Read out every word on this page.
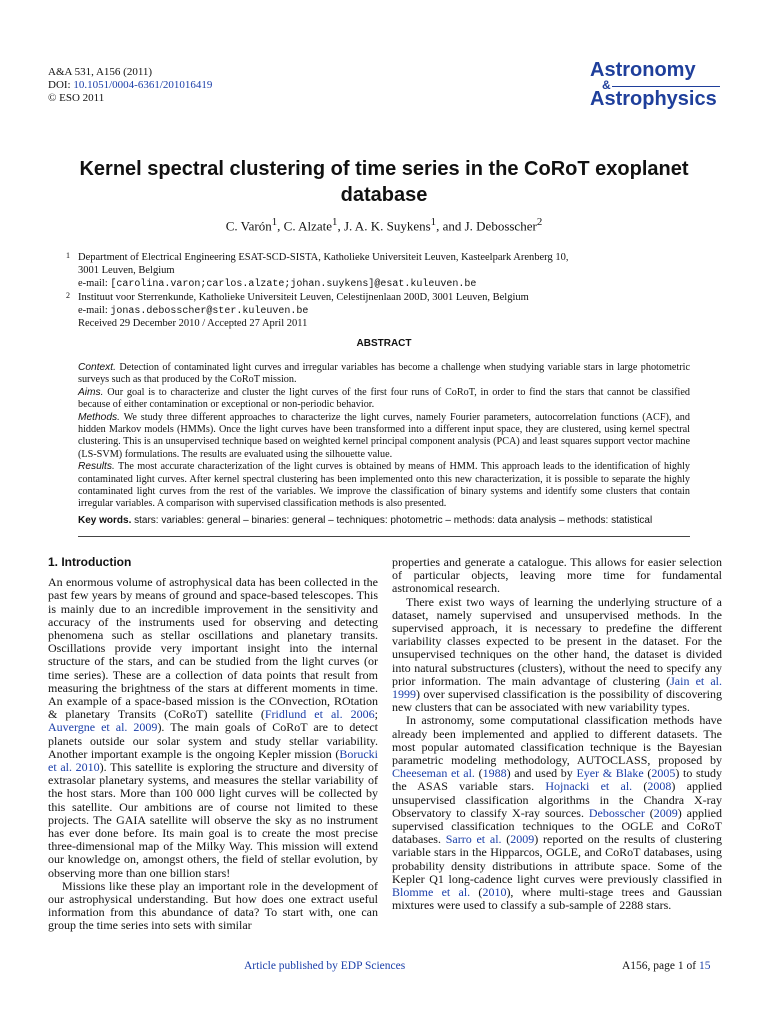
A&A 531, A156 (2011)
DOI: 10.1051/0004-6361/201016419
© ESO 2011
Astronomy
&
Astrophysics
Kernel spectral clustering of time series in the CoRoT exoplanet database
C. Varón$^1$, C. Alzate$^1$, J. A. K. Suykens$^1$, and J. Debosscher$^2$
1 Department of Electrical Engineering ESAT-SCD-SISTA, Katholieke Universiteit Leuven, Kasteelpark Arenberg 10,
3001 Leuven, Belgium
e-mail: [carolina.varon;carlos.alzate;johan.suykens]@esat.kuleuven.be
2 Instituut voor Sterrenkunde, Katholieke Universiteit Leuven, Celestijnenlaan 200D, 3001 Leuven, Belgium
e-mail: jonas.debosscher@ster.kuleuven.be
Received 29 December 2010 / Accepted 27 April 2011
ABSTRACT
Context. Detection of contaminated light curves and irregular variables has become a challenge when studying variable stars in large photometric surveys such as that produced by the CoRoT mission.
Aims. Our goal is to characterize and cluster the light curves of the first four runs of CoRoT, in order to find the stars that cannot be classified because of either contamination or exceptional or non-periodic behavior.
Methods. We study three different approaches to characterize the light curves, namely Fourier parameters, autocorrelation functions (ACF), and hidden Markov models (HMMs). Once the light curves have been transformed into a different input space, they are clustered, using kernel spectral clustering. This is an unsupervised technique based on weighted kernel principal component analysis (PCA) and least squares support vector machine (LS-SVM) formulations. The results are evaluated using the silhouette value.
Results. The most accurate characterization of the light curves is obtained by means of HMM. This approach leads to the identification of highly contaminated light curves. After kernel spectral clustering has been implemented onto this new characterization, it is possible to separate the highly contaminated light curves from the rest of the variables. We improve the classification of binary systems and identify some clusters that contain irregular variables. A comparison with supervised classification methods is also presented.
Key words. stars: variables: general – binaries: general – techniques: photometric – methods: data analysis – methods: statistical
1. Introduction

An enormous volume of astrophysical data has been collected in the past few years by means of ground and space-based telescopes. This is mainly due to an incredible improvement in the sensitivity and accuracy of the instruments used for observing and detecting phenomena such as stellar oscillations and planetary transits. Oscillations provide very important insight into the internal structure of the stars, and can be studied from the light curves (or time series). These are a collection of data points that result from measuring the brightness of the stars at different moments in time. An example of a space-based mission is the COnvection, ROtation & planetary Transits (CoRoT) satellite (Fridlund et al. 2006; Auvergne et al. 2009). The main goals of CoRoT are to detect planets outside our solar system and study stellar variability. Another important example is the ongoing Kepler mission (Borucki et al. 2010). This satellite is exploring the structure and diversity of extrasolar planetary systems, and measures the stellar variability of the host stars. More than 100 000 light curves will be collected by this satellite. Our ambitions are of course not limited to these projects. The GAIA satellite will observe the sky as no instrument has ever done before. Its main goal is to create the most precise three-dimensional map of the Milky Way. This mission will extend our knowledge on, amongst others, the field of stellar evolution, by observing more than one billion stars!

Missions like these play an important role in the development of our astrophysical understanding. But how does one extract useful information from this abundance of data? To start with, one can group the time series into sets with similar

properties and generate a catalogue. This allows for easier selection of particular objects, leaving more time for fundamental astronomical research.

There exist two ways of learning the underlying structure of a dataset, namely supervised and unsupervised methods. In the supervised approach, it is necessary to predefine the different variability classes expected to be present in the dataset. For the unsupervised techniques on the other hand, the dataset is divided into natural substructures (clusters), without the need to specify any prior information. The main advantage of clustering (Jain et al. 1999) over supervised classification is the possibility of discovering new clusters that can be associated with new variability types.

In astronomy, some computational classification methods have already been implemented and applied to different datasets. The most popular automated classification technique is the Bayesian parametric modeling methodology, AUTOCLASS, proposed by Cheeseman et al. (1988) and used by Eyer & Blake (2005) to study the ASAS variable stars. Hojnacki et al. (2008) applied unsupervised classification algorithms in the Chandra X-ray Observatory to classify X-ray sources. Debosscher (2009) applied supervised classification techniques to the OGLE and CoRoT databases. Sarro et al. (2009) reported on the results of clustering variable stars in the Hipparcos, OGLE, and CoRoT databases, using probability density distributions in attribute space. Some of the Kepler Q1 long-cadence light curves were previously classified in Blomme et al. (2010), where multi-stage trees and Gaussian mixtures were used to classify a sub-sample of 2288 stars.

Article published by EDP Sciences	A156, page 1 of 15
